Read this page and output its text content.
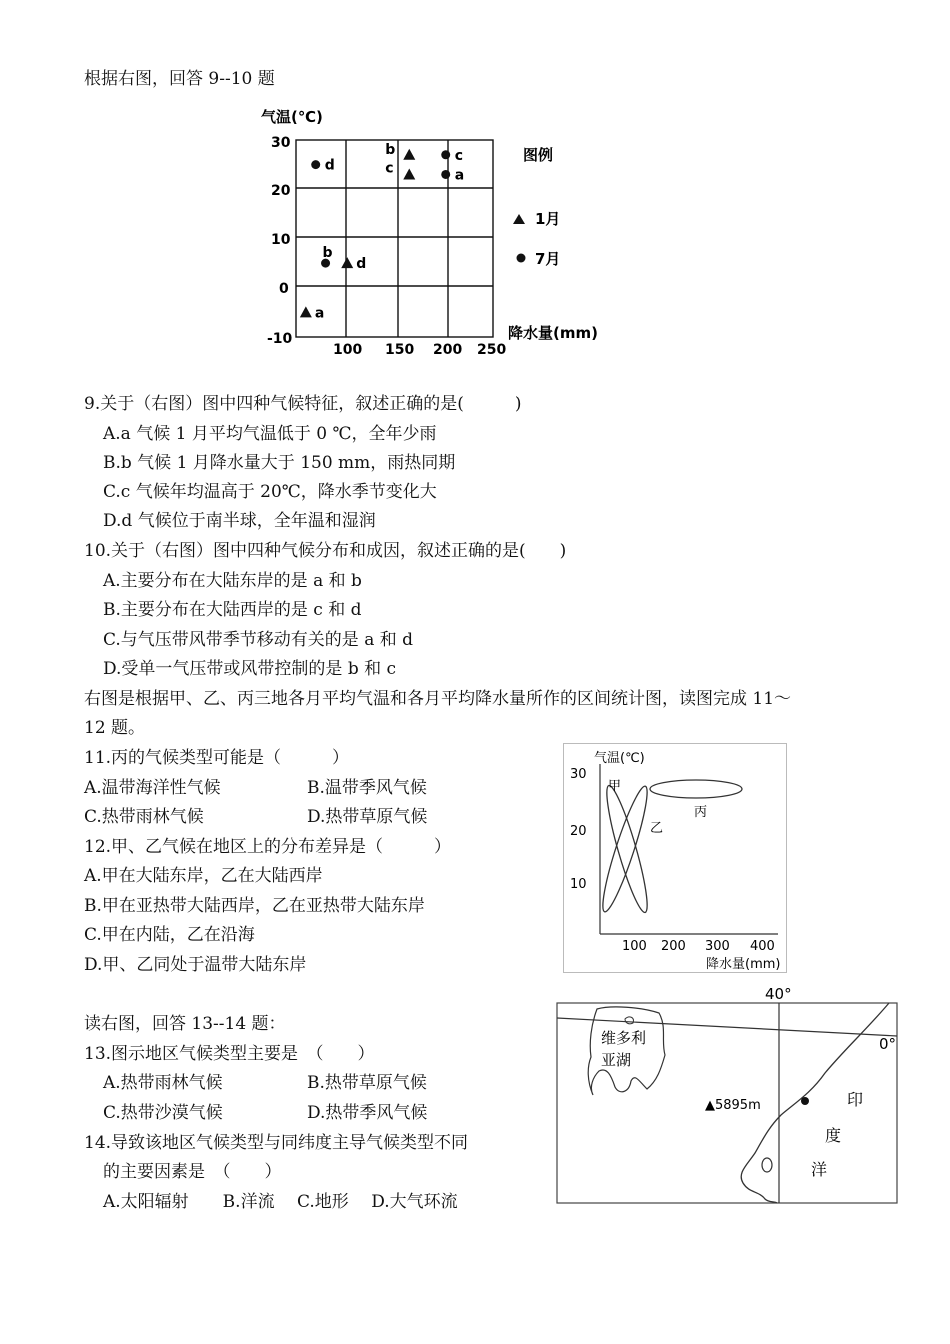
根据右图，回答 9--10 题
气温(℃)
30
20
10
0
-10
100 150 200 250
降水量(mm)
图例
1月
7月
d
b
c
c
a
b
d
a
9.关于（右图）图中四种气候特征，叙述正确的是(　　　)
A.a 气候 1 月平均气温低于 0 ℃，全年少雨
B.b 气候 1 月降水量大于 150 mm，雨热同期
C.c 气候年均温高于 20℃，降水季节变化大
D.d 气候位于南半球，全年温和湿润
10.关于（右图）图中四种气候分布和成因，叙述正确的是(　　)
A.主要分布在大陆东岸的是 a 和 b
B.主要分布在大陆西岸的是 c 和 d
C.与气压带风带季节移动有关的是 a 和 d
D.受单一气压带或风带控制的是 b 和 c
右图是根据甲、乙、丙三地各月平均气温和各月平均降水量所作的区间统计图，读图完成 11～
12 题。
11.丙的气候类型可能是（　　　）
A.温带海洋性气候	B.温带季风气候
C.热带雨林气候	D.热带草原气候
12.甲、乙气候在地区上的分布差异是（　　　）
A.甲在大陆东岸，乙在大陆西岸
B.甲在亚热带大陆西岸，乙在亚热带大陆东岸
C.甲在内陆，乙在沿海
D.甲、乙同处于温带大陆东岸
气温(℃)
30
20
10
100 200 300 400
降水量(mm)
甲
乙
丙
读右图，回答 13--14 题：
13.图示地区气候类型主要是　（　　）
A.热带雨林气候	B.热带草原气候
C.热带沙漠气候	D.热带季风气候
14.导致该地区气候类型与同纬度主导气候类型不同
的主要因素是　（　　）
A.太阳辐射　　B.洋流　 C.地形　 D.大气环流
40°
0°
维多利
亚湖
▲5895m	印
度
洋
